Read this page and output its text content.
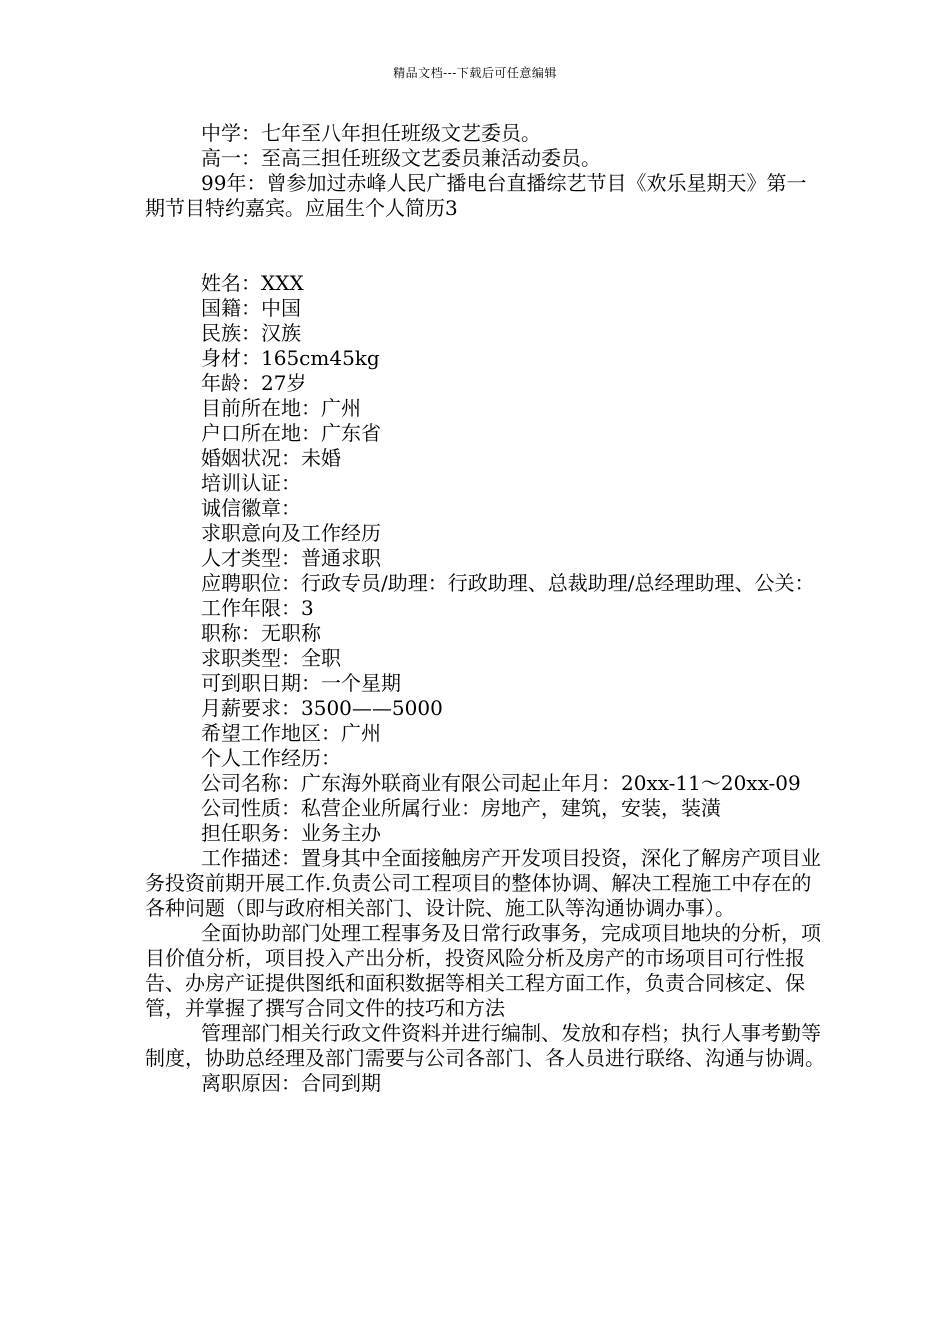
精品文档---下载后可任意编辑

中学：七年至八年担任班级文艺委员。

高一：至高三担任班级文艺委员兼活动委员。

99年：曾参加过赤峰人民广播电台直播综艺节目《欢乐星期天》第一期节目特约嘉宾。应届生个人简历3

姓名：XXX

国籍：中国

民族：汉族

身材：165cm45kg

年龄：27岁

目前所在地：广州

户口所在地：广东省

婚姻状况：未婚

培训认证：

诚信徽章：

求职意向及工作经历

人才类型：普通求职

应聘职位：行政专员/助理：行政助理、总裁助理/总经理助理、公关：

工作年限：3

职称：无职称

求职类型：全职

可到职日期：一个星期

月薪要求：3500——5000

希望工作地区：广州

个人工作经历：

公司名称：广东海外联商业有限公司起止年月：20xx-11～20xx-09

公司性质：私营企业所属行业：房地产，建筑，安装，装潢

担任职务：业务主办

工作描述：置身其中全面接触房产开发项目投资，深化了解房产项目业务投资前期开展工作.负责公司工程项目的整体协调、解决工程施工中存在的各种问题（即与政府相关部门、设计院、施工队等沟通协调办事）。

全面协助部门处理工程事务及日常行政事务，完成项目地块的分析，项目价值分析，项目投入产出分析，投资风险分析及房产的市场项目可行性报告、办房产证提供图纸和面积数据等相关工程方面工作，负责合同核定、保管，并掌握了撰写合同文件的技巧和方法

管理部门相关行政文件资料并进行编制、发放和存档；执行人事考勤等制度，协助总经理及部门需要与公司各部门、各人员进行联络、沟通与协调。

离职原因：合同到期
